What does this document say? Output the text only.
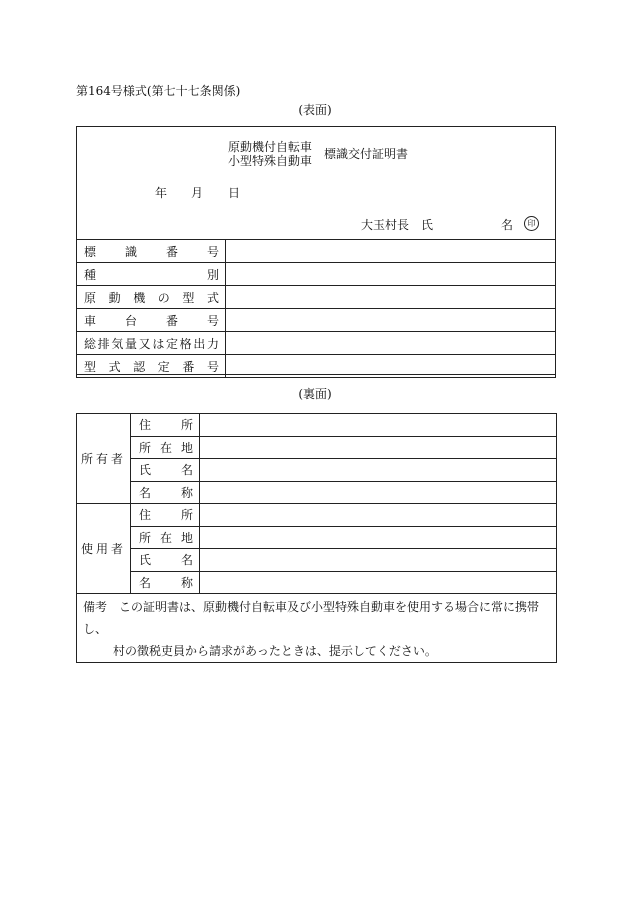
第164号様式(第七十七条関係)
(表面)
原動機付自転車
小型特殊自動車 標識交付証明書
年 月 日
大玉村長　氏	名	印
標識番号	
種別	
原動機の型式	
車台番号	
総排気量又は定格出力	
型式認定番号	
(裏面)
所有者	住所	
	所在地	
	氏名	
	名称	
使用者	住所	
	所在地	
	氏名	
	名称	

備考　この証明書は、原動機付自転車及び小型特殊自動車を使用する場合に常に携帯し、
村の徴税吏員から請求があったときは、提示してください。		
